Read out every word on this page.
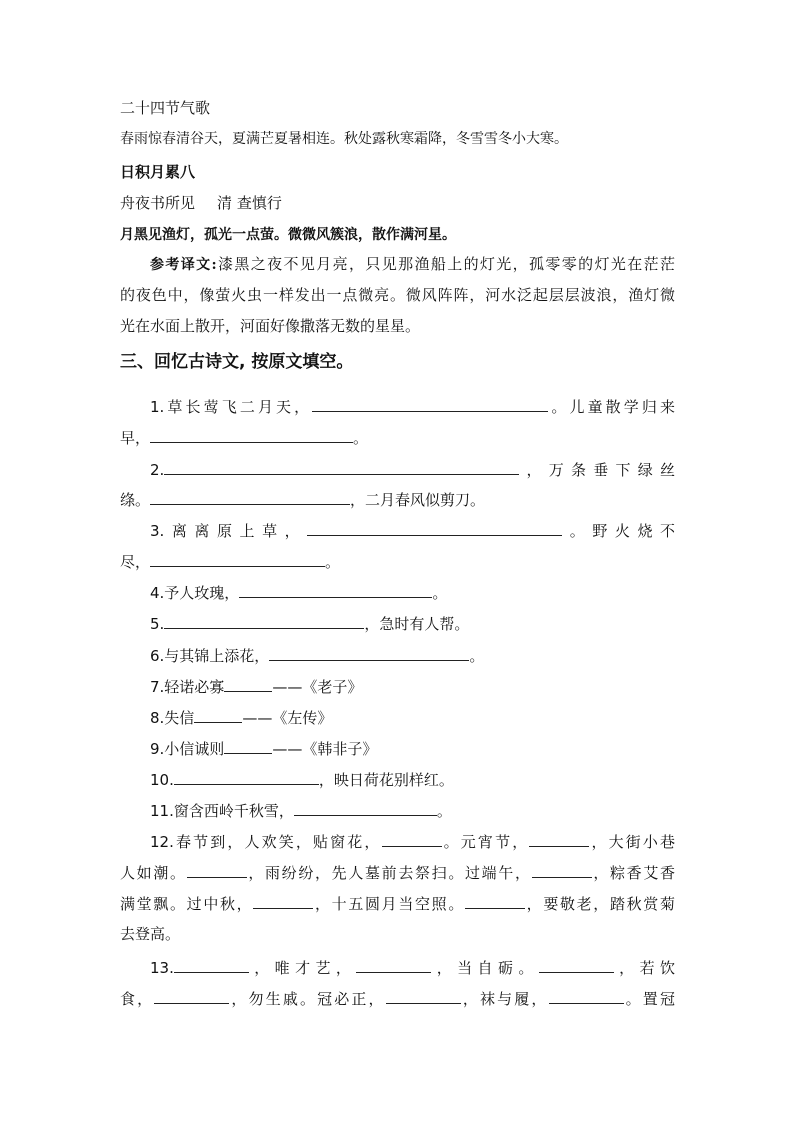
二十四节气歌
春雨惊春清谷天，夏满芒夏暑相连。秋处露秋寒霜降，冬雪雪冬小大寒。
日积月累八
舟夜书所见 清 查慎行
月黑见渔灯，孤光一点萤。微微风簇浪，散作满河星。
参考译文:漆黑之夜不见月亮，只见那渔船上的灯光，孤零零的灯光在茫茫
的夜色中，像萤火虫一样发出一点微亮。微风阵阵，河水泛起层层波浪，渔灯微
光在水面上散开，河面好像撒落无数的星星。
三、回忆古诗文, 按原文填空。
1.草长莺飞二月天，	。儿童散学归来
早，	。
2.	，万条垂下绿丝
绦。	，二月春风似剪刀。
3.离离原上草，	。野火烧不
尽，	。
4.予人玫瑰，	。
5.	，急时有人帮。
6.与其锦上添花，	。
7.轻诺必寡	——《老子》
8.失信	——《左传》
9.小信诚则	——《韩非子》
10.	，映日荷花别样红。
11.窗含西岭千秋雪，	。
12.春节到，人欢笑，贴窗花，	。元宵节，	，大街小巷
人如潮。	，雨纷纷，先人墓前去祭扫。过端午，	，粽香艾香
满堂飘。过中秋，	，十五圆月当空照。	，要敬老，踏秋赏菊
去登高。
13.	，唯才艺，	，当自砺。	，若饮
食，	，勿生戚。冠必正，	，袜与履，	。置冠
